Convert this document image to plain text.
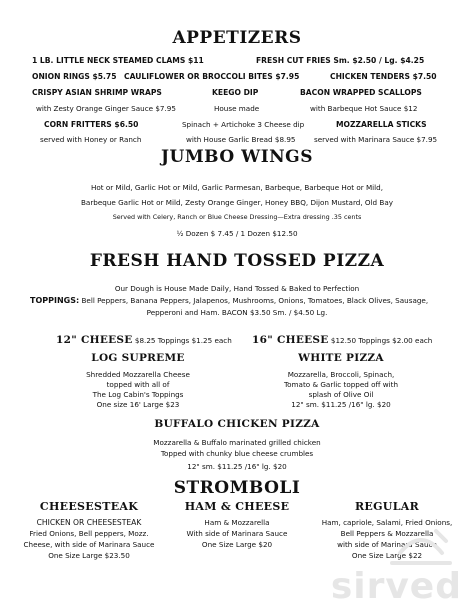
APPETIZERS
1 LB. LITTLE NECK STEAMED CLAMS $11	FRESH CUT FRIES Sm. $2.50 / Lg. $4.25
ONION RINGS $5.75 CAULIFLOWER OR BROCCOLI BITES $7.95	CHICKEN TENDERS $7.50
CRISPY ASIAN SHRIMP WRAPS	KEEGO DIP	BACON WRAPPED SCALLOPS
with Zesty Orange Ginger Sauce $7.95	House made	with Barbeque Hot Sauce $12
CORN FRITTERS $6.50	Spinach + Artichoke 3 Cheese dip	MOZZARELLA STICKS
served with Honey or Ranch	with House Garlic Bread $8.95	served with Marinara Sauce $7.95
JUMBO WINGS
Hot or Mild, Garlic Hot or Mild, Garlic Parmesan, Barbeque, Barbeque Hot or Mild,
Barbeque Garlic Hot or Mild, Zesty Orange Ginger, Honey BBQ, Dijon Mustard, Old Bay
Served with Celery, Ranch or Blue Cheese Dressing—Extra dressing .35 cents
½ Dozen $ 7.45 / 1 Dozen $12.50
FRESH HAND TOSSED PIZZA
Our Dough is House Made Daily, Hand Tossed & Baked to Perfection
TOPPINGS: Bell Peppers, Banana Peppers, Jalapenos, Mushrooms, Onions, Tomatoes, Black Olives, Sausage,
Pepperoni and Ham. BACON $3.50 Sm. / $4.50 Lg.
12" CHEESE $8.25 Toppings $1.25 each 16" CHEESE $12.50 Toppings $2.00 each
LOG SUPREME
Shredded Mozzarella Cheese
topped with all of
The Log Cabin's Toppings
One size 16' Large $23
WHITE PIZZA
Mozzarella, Broccoli, Spinach,
Tomato & Garlic topped off with
splash of Olive Oil
12" sm. $11.25 /16" lg. $20
BUFFALO CHICKEN PIZZA
Mozzarella & Buffalo marinated grilled chicken
Topped with chunky blue cheese crumbles
12" sm. $11.25 /16" lg. $20
STROMBOLI
CHEESESTEAK
CHICKEN OR CHEESESTEAK
Fried Onions, Bell peppers, Mozz.
Cheese, with side of Marinara Sauce
One Size Large $23.50
HAM & CHEESE
Ham & Mozzarella
With side of Marinara Sauce
One Size Large $20
REGULAR
Ham, capriole, Salami, Fried Onions,
Bell Peppers & Mozzarella
with side of Marinara Sauce
One Size Large $22
sirved
